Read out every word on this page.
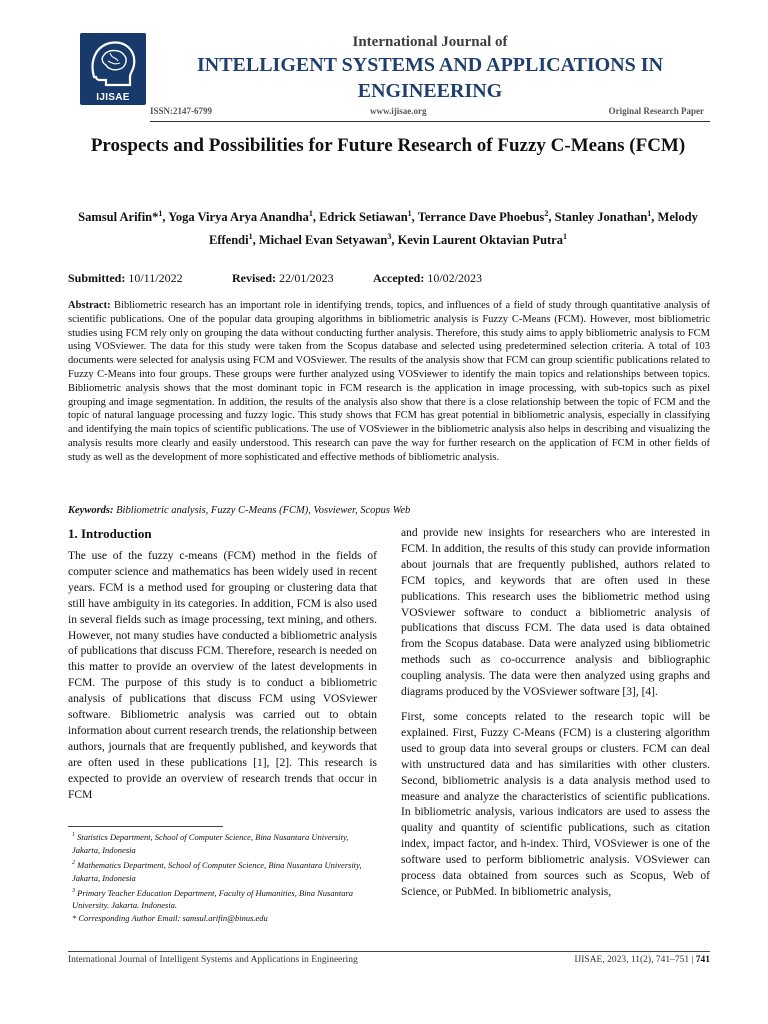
IJISAE
International Journal of
INTELLIGENT SYSTEMS AND APPLICATIONS IN ENGINEERING
ISSN:2147-6799	www.ijisae.org	Original Research Paper
Prospects and Possibilities for Future Research of Fuzzy C-Means (FCM)
Samsul Arifin*$^1$, Yoga Virya Arya Anandha$^1$, Edrick Setiawan$^1$, Terrance Dave Phoebus$^2$, Stanley Jonathan$^1$, Melody Effendi$^1$, Michael Evan Setyawan$^3$, Kevin Laurent Oktavian Putra$^1$
Submitted: 10/11/2022	Revised: 22/01/2023	Accepted: 10/02/2023
Abstract: Bibliometric research has an important role in identifying trends, topics, and influences of a field of study through quantitative analysis of scientific publications. One of the popular data grouping algorithms in bibliometric analysis is Fuzzy C-Means (FCM). However, most bibliometric studies using FCM rely only on grouping the data without conducting further analysis. Therefore, this study aims to apply bibliometric analysis to FCM using VOSviewer. The data for this study were taken from the Scopus database and selected using predetermined selection criteria. A total of 103 documents were selected for analysis using FCM and VOSviewer. The results of the analysis show that FCM can group scientific publications related to Fuzzy C-Means into four groups. These groups were further analyzed using VOSviewer to identify the main topics and relationships between topics. Bibliometric analysis shows that the most dominant topic in FCM research is the application in image processing, with sub-topics such as pixel grouping and image segmentation. In addition, the results of the analysis also show that there is a close relationship between the topic of FCM and the topic of natural language processing and fuzzy logic. This study shows that FCM has great potential in bibliometric analysis, especially in classifying and identifying the main topics of scientific publications. The use of VOSviewer in the bibliometric analysis also helps in describing and visualizing the analysis results more clearly and easily understood. This research can pave the way for further research on the application of FCM in other fields of study as well as the development of more sophisticated and effective methods of bibliometric analysis.
Keywords: Bibliometric analysis, Fuzzy C-Means (FCM), Vosviewer, Scopus Web
1. Introduction

The use of the fuzzy c-means (FCM) method in the fields of computer science and mathematics has been widely used in recent years. FCM is a method used for grouping or clustering data that still have ambiguity in its categories. In addition, FCM is also used in several fields such as image processing, text mining, and others. However, not many studies have conducted a bibliometric analysis of publications that discuss FCM. Therefore, research is needed on this matter to provide an overview of the latest developments in FCM. The purpose of this study is to conduct a bibliometric analysis of publications that discuss FCM using VOSviewer software. Bibliometric analysis was carried out to obtain information about current research trends, the relationship between authors, journals that are frequently published, and keywords that are often used in these publications [1], [2]. This research is expected to provide an overview of research trends that occur in FCM

and provide new insights for researchers who are interested in FCM. In addition, the results of this study can provide information about journals that are frequently published, authors related to FCM topics, and keywords that are often used in these publications. This research uses the bibliometric method using VOSviewer software to conduct a bibliometric analysis of publications that discuss FCM. The data used is data obtained from the Scopus database. Data were analyzed using bibliometric methods such as co-occurrence analysis and bibliographic coupling analysis. The data were then analyzed using graphs and diagrams produced by the VOSviewer software [3], [4].

First, some concepts related to the research topic will be explained. First, Fuzzy C-Means (FCM) is a clustering algorithm used to group data into several groups or clusters. FCM can deal with unstructured data and has similarities with other clusters. Second, bibliometric analysis is a data analysis method used to measure and analyze the characteristics of scientific publications. In bibliometric analysis, various indicators are used to assess the quality and quantity of scientific publications, such as citation index, impact factor, and h-index. Third, VOSviewer is one of the software used to perform bibliometric analysis. VOSviewer can process data obtained from sources such as Scopus, Web of Science, or PubMed. In bibliometric analysis,

$^1$ Statistics Department, School of Computer Science, Bina Nusantara University, Jakarta, Indonesia
$^2$ Mathematics Department, School of Computer Science, Bina Nusantara University, Jakarta, Indonesia
$^3$ Primary Teacher Education Department, Faculty of Humanities, Bina Nusantara University. Jakarta. Indonesia.
* Corresponding Author Email: samsul.arifin@binus.edu
International Journal of Intelligent Systems and Applications in Engineering	IJISAE, 2023, 11(2), 741–751 | 741
